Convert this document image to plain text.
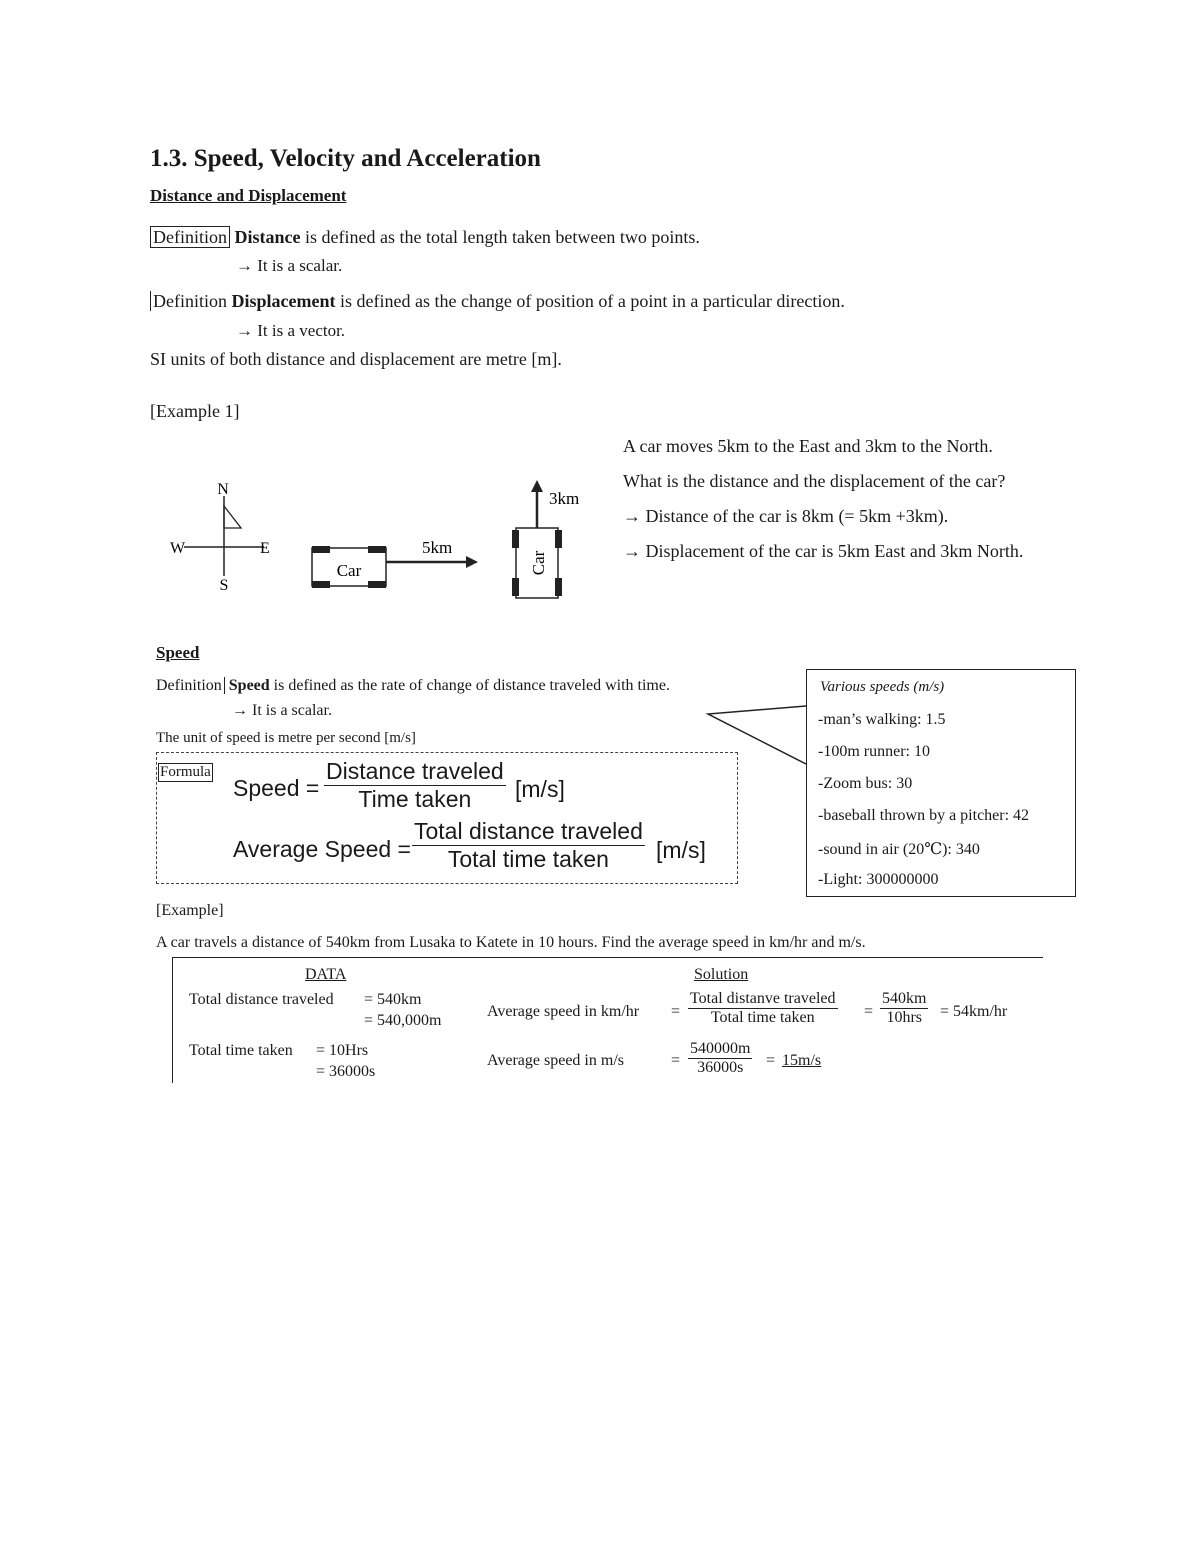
1.3. Speed, Velocity and Acceleration
Distance and Displacement
Definition Distance is defined as the total length taken between two points.
→ It is a scalar.
Definition Displacement is defined as the change of position of a point in a particular direction.
→ It is a vector.
SI units of both distance and displacement are metre [m].
[Example 1]
N
S
W	E
Car
5km
Car
3km
A car moves 5km to the East and 3km to the North.
What is the distance and the displacement of the car?
→ Distance of the car is 8km (= 5km +3km).
→ Displacement of the car is 5km East and 3km North.
Speed
Definition Speed is defined as the rate of change of distance traveled with time.
→ It is a scalar.
The unit of speed is metre per second [m/s]
Formula
Speed =
Distance traveled
Time taken [m/s]
Average Speed =
Total distance traveled
Total time taken [m/s]
Various speeds (m/s)
-man’s walking: 1.5
-100m runner: 10
-Zoom bus: 30
-baseball thrown by a pitcher: 42
-sound in air (20℃): 340
-Light: 300000000
[Example]
A car travels a distance of 540km from Lusaka to Katete in 10 hours. Find the average speed in km/hr and m/s.
DATA	Solution
Total distance traveled = 540km
= 540,000m
Total time taken = 10Hrs
= 36000s
Average speed in km/hr =
Total distanve traveled
Total time taken	=
540km
10hrs = 54km/hr
Average speed in m/s	= $\frac{540000m}{36000s} = 15m/s$
